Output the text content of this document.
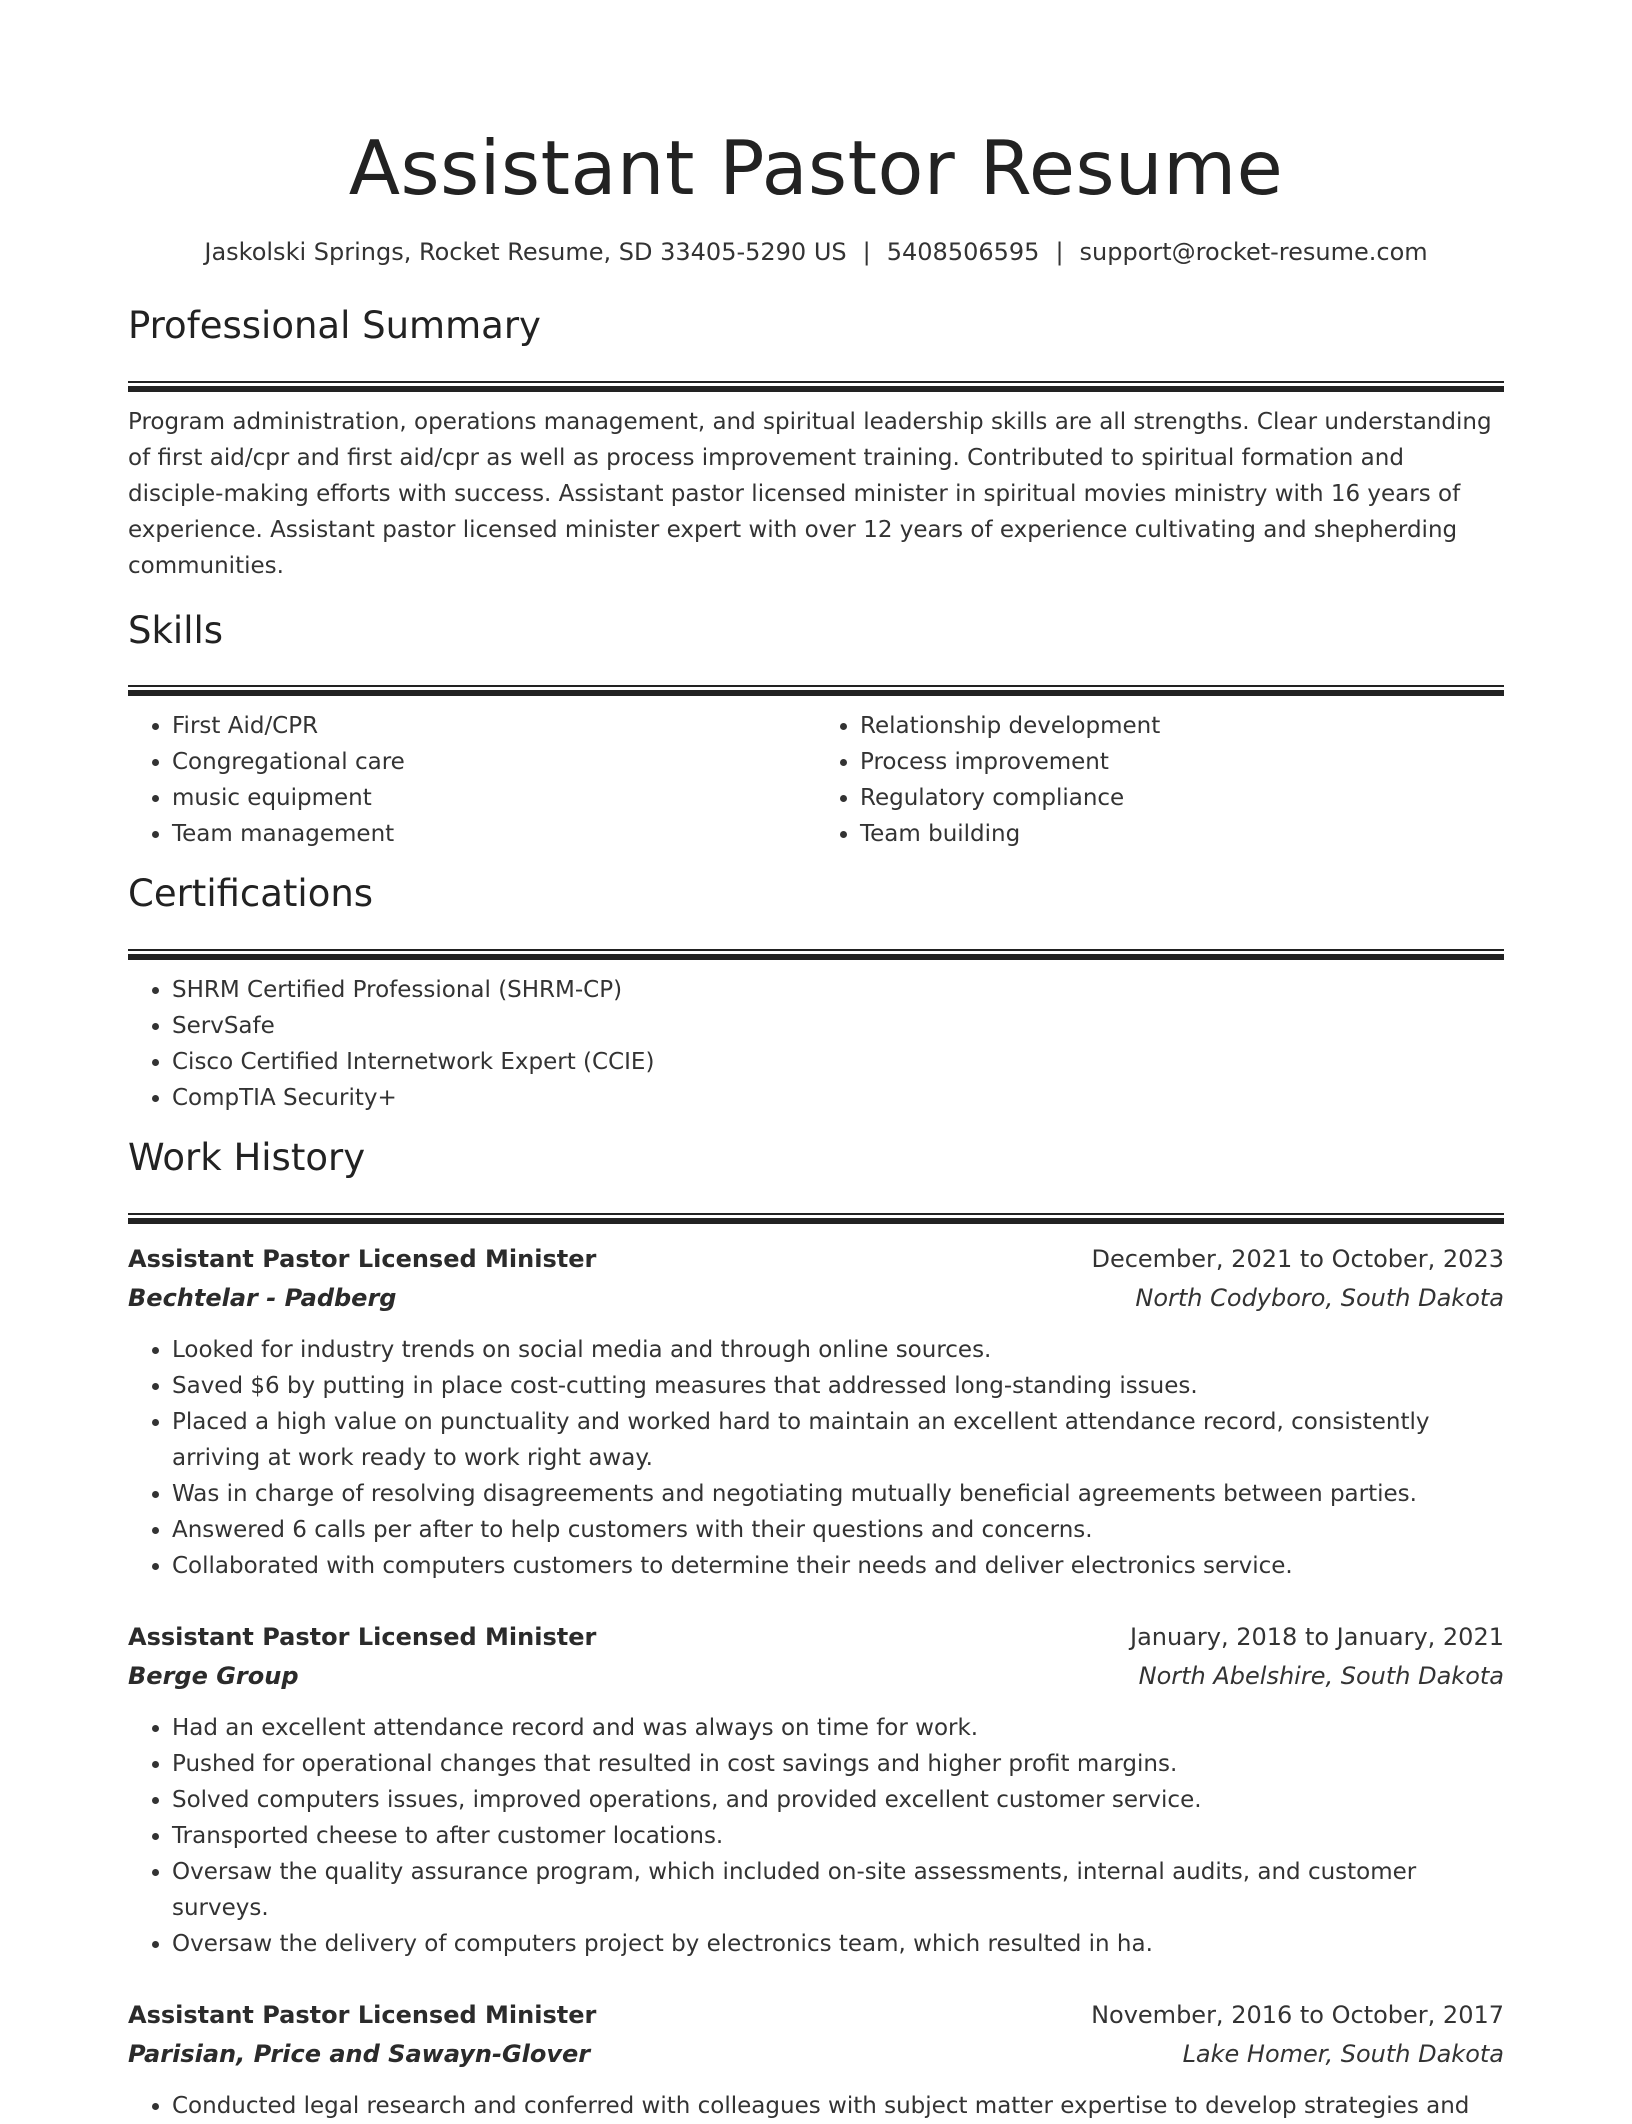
Assistant Pastor Resume
Jaskolski Springs, Rocket Resume, SD 33405-5290 US | 5408506595 | support@rocket-resume.com
Professional Summary

Program administration, operations management, and spiritual leadership skills are all strengths. Clear understanding of first aid/cpr and first aid/cpr as well as process improvement training. Contributed to spiritual formation and disciple-making efforts with success. Assistant pastor licensed minister in spiritual movies ministry with 16 years of experience. Assistant pastor licensed minister expert with over 12 years of experience cultivating and shepherding communities.

Skills
• First Aid/CPR
• Congregational care
• music equipment
• Team management
• Relationship development
• Process improvement
• Regulatory compliance
• Team building
Certifications
• SHRM Certified Professional (SHRM-CP)
• ServSafe
• Cisco Certified Internetwork Expert (CCIE)
• CompTIA Security+
Work History
Assistant Pastor Licensed Minister	December, 2021 to October, 2023
Bechtelar - Padberg	North Codyboro, South Dakota
• Looked for industry trends on social media and through online sources.
• Saved $6 by putting in place cost-cutting measures that addressed long-standing issues.
• Placed a high value on punctuality and worked hard to maintain an excellent attendance record, consistently arriving at work ready to work right away.
• Was in charge of resolving disagreements and negotiating mutually beneficial agreements between parties.
• Answered 6 calls per after to help customers with their questions and concerns.
• Collaborated with computers customers to determine their needs and deliver electronics service.
Assistant Pastor Licensed Minister	January, 2018 to January, 2021
Berge Group	North Abelshire, South Dakota
• Had an excellent attendance record and was always on time for work.
• Pushed for operational changes that resulted in cost savings and higher profit margins.
• Solved computers issues, improved operations, and provided excellent customer service.
• Transported cheese to after customer locations.
• Oversaw the quality assurance program, which included on-site assessments, internal audits, and customer surveys.
• Oversaw the delivery of computers project by electronics team, which resulted in ha.
Assistant Pastor Licensed Minister	November, 2016 to October, 2017
Parisian, Price and Sawayn-Glover	Lake Homer, South Dakota
• Conducted legal research and conferred with colleagues with subject matter expertise to develop strategies and
